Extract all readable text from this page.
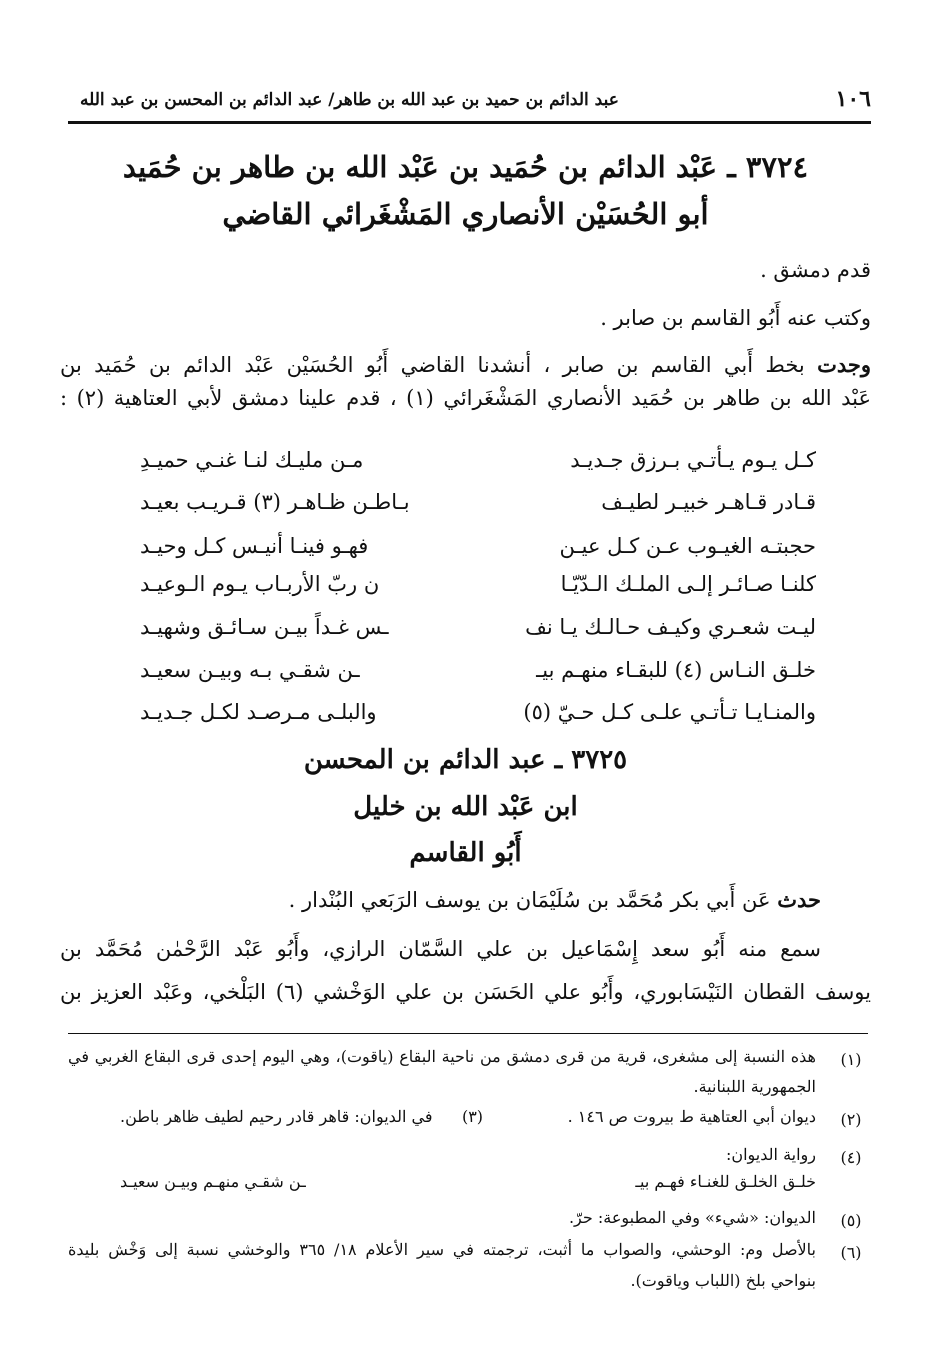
١٠٦
عبد الدائم بن حميد بن عبد الله بن طاهر/ عبد الدائم بن المحسن بن عبد الله
٣٧٢٤ ـ عَبْد الدائم بن حُمَيد بن عَبْد الله بن طاهر بن حُمَيد
أبو الحُسَيْن الأنصاري المَشْغَرائي القاضي
قدم دمشق .
وكتب عنه أَبُو القاسم بن صابر .
وجدت بخط أَبي القاسم بن صابر ، أنشدنا القاضي أَبُو الحُسَيْن عَبْد الدائم بن حُمَيد بن
عَبْد الله بن طاهر بن حُمَيد الأنصاري المَشْغَرائي (١) ، قدم علينا دمشق لأبي العتاهية (٢) :
كـل يـوم يـأتـي بـرزق جـديـد
مـن مليـك لنـا غنـي حميـدِ
قـادر قـاهـر خبيـر لطيـف
بـاطـن ظـاهـر (٣) قـريـب بعيـد
حجبتـه الغيـوب عـن كـل عيـن
فهـو فينـا أنيـس كـل وحيـد
كلنـا صـائـر إلـى الملـك الـدّيّـا
ن ربّ الأربـاب يـوم الـوعيـد
ليـت شعـري وكيـف حـالـك يـا نف
ـس غـداً بيـن سـائـق وشهيـد
خلـق النـاس (٤) للبقـاء منهـم بيـ
ـن شقـي بـه وبيـن سعيـد
والمنـايـا تـأتـي علـى كـل حـيّ (٥)
والبلـى مـرصـد لكـل جـديـد
٣٧٢٥ ـ عبد الدائم بن المحسن
ابن عَبْد الله بن خليل
أَبُو القاسم
حدث عَن أَبي بكر مُحَمَّد بن سُلَيْمَان بن يوسف الرَبَعي البُنْدار .
سمع منه أَبُو سعد إِسْمَاعيل بن علي السَّمّان الرازي، وأَبُو عَبْد الرَّحْمٰن مُحَمَّد بن
يوسف القطان النَيْسَابوري، وأَبُو علي الحَسَن بن علي الوَخْشي (٦) البَلْخي، وعَبْد العزيز بن
(١)
هذه النسبة إلى مشغرى، قرية من قرى دمشق من ناحية البقاع (ياقوت)، وهي اليوم إحدى قرى البقاع الغربي في
الجمهورية اللبنانية.
(٢)
ديوان أبي العتاهية ط بيروت ص ١٤٦ .
(٣)
في الديوان: قاهر قادر رحيم لطيف ظاهر باطن.
(٤)
رواية الديوان:
خلـق الخلـق للغنـاء فهـم بيـ
ـن شقـي منهـم وبيـن سعيـد
(٥)
الديوان: «شيء» وفي المطبوعة: حرّ.
(٦)
بالأصل وم: الوحشي، والصواب ما أثبت، ترجمته في سير الأعلام ١٨/ ٣٦٥ والوخشي نسبة إلى وَخْش بليدة
بنواحي بلخ (اللباب وياقوت).
